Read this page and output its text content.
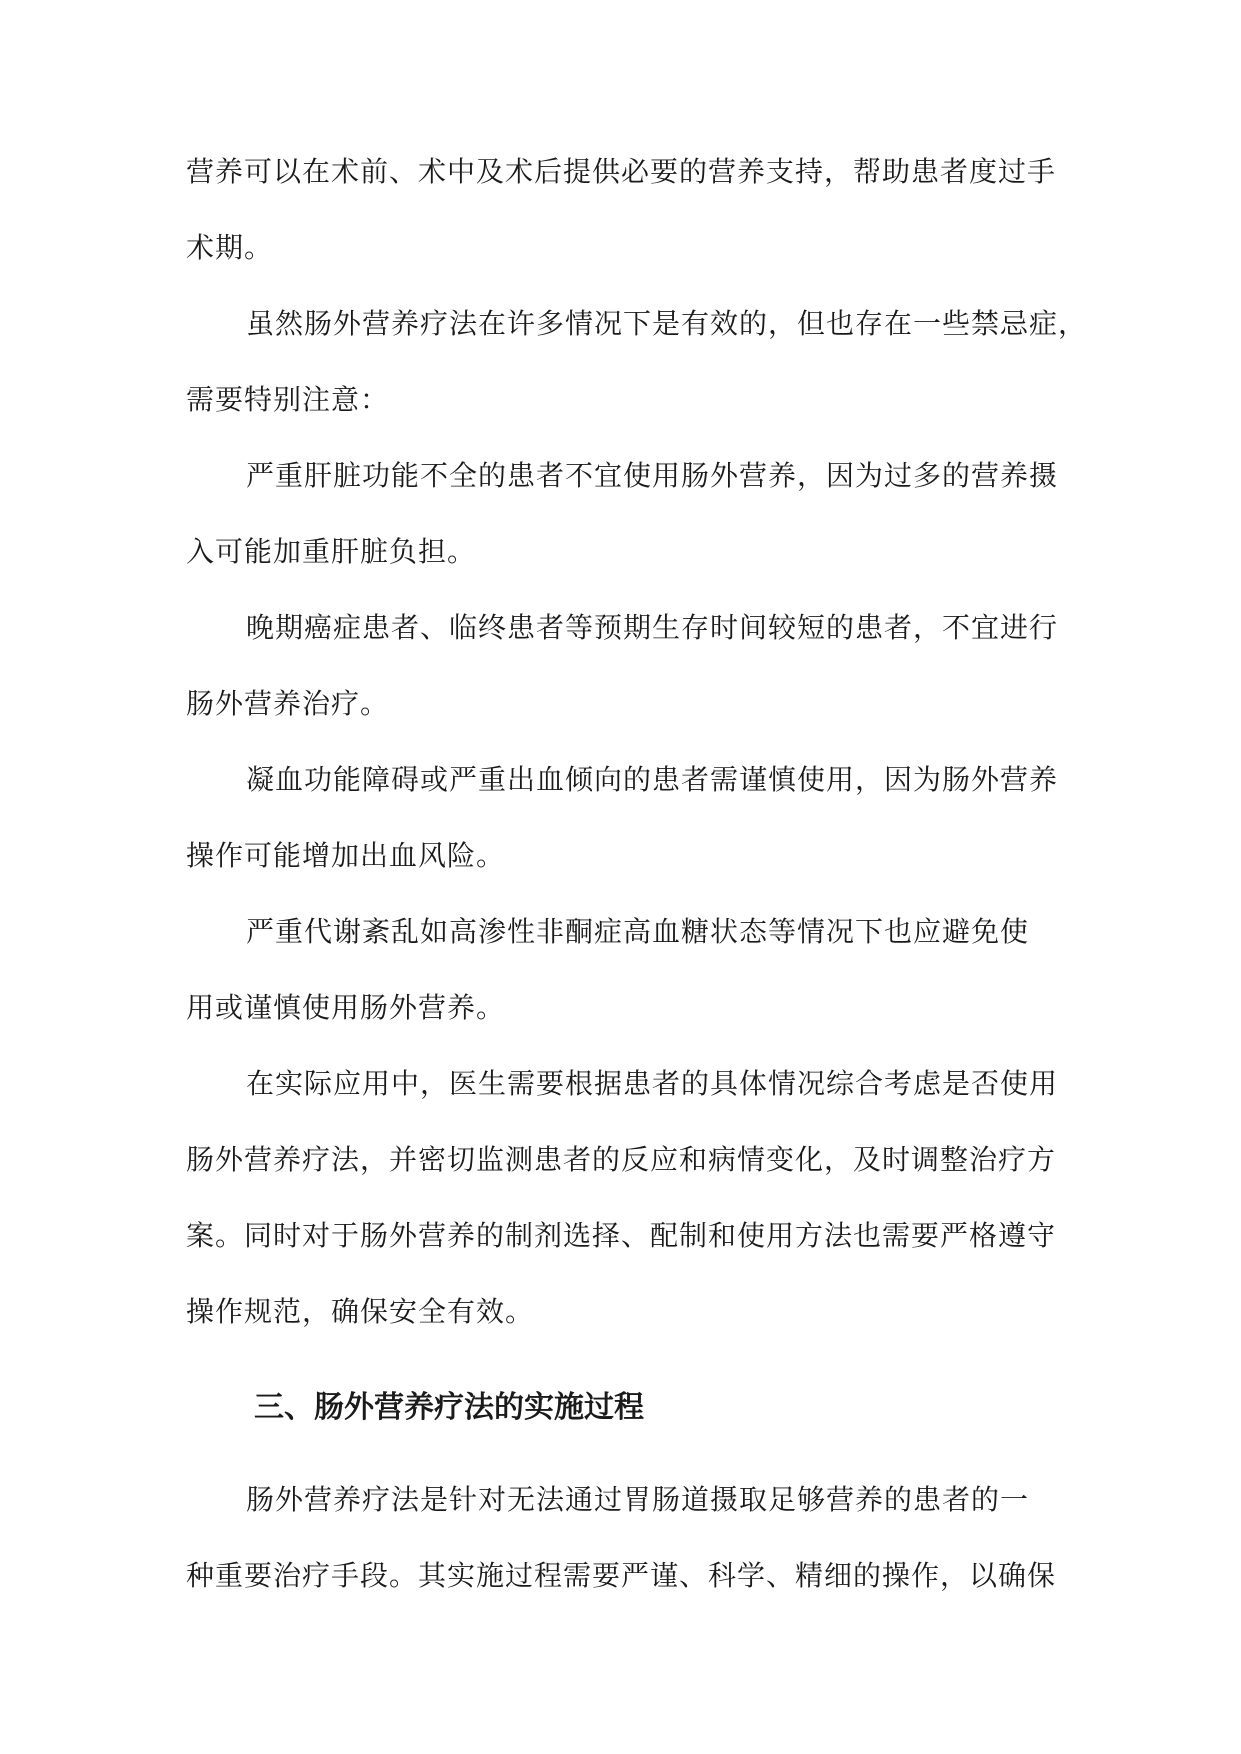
营养可以在术前、术中及术后提供必要的营养支持，帮助患者度过手
术期。
虽然肠外营养疗法在许多情况下是有效的，但也存在一些禁忌症，
需要特别注意：
严重肝脏功能不全的患者不宜使用肠外营养，因为过多的营养摄
入可能加重肝脏负担。
晚期癌症患者、临终患者等预期生存时间较短的患者，不宜进行
肠外营养治疗。
凝血功能障碍或严重出血倾向的患者需谨慎使用，因为肠外营养
操作可能增加出血风险。
严重代谢紊乱如高渗性非酮症高血糖状态等情况下也应避免使
用或谨慎使用肠外营养。
在实际应用中，医生需要根据患者的具体情况综合考虑是否使用
肠外营养疗法，并密切监测患者的反应和病情变化，及时调整治疗方
案。同时对于肠外营养的制剂选择、配制和使用方法也需要严格遵守
操作规范，确保安全有效。
三、肠外营养疗法的实施过程
肠外营养疗法是针对无法通过胃肠道摄取足够营养的患者的一
种重要治疗手段。其实施过程需要严谨、科学、精细的操作，以确保
